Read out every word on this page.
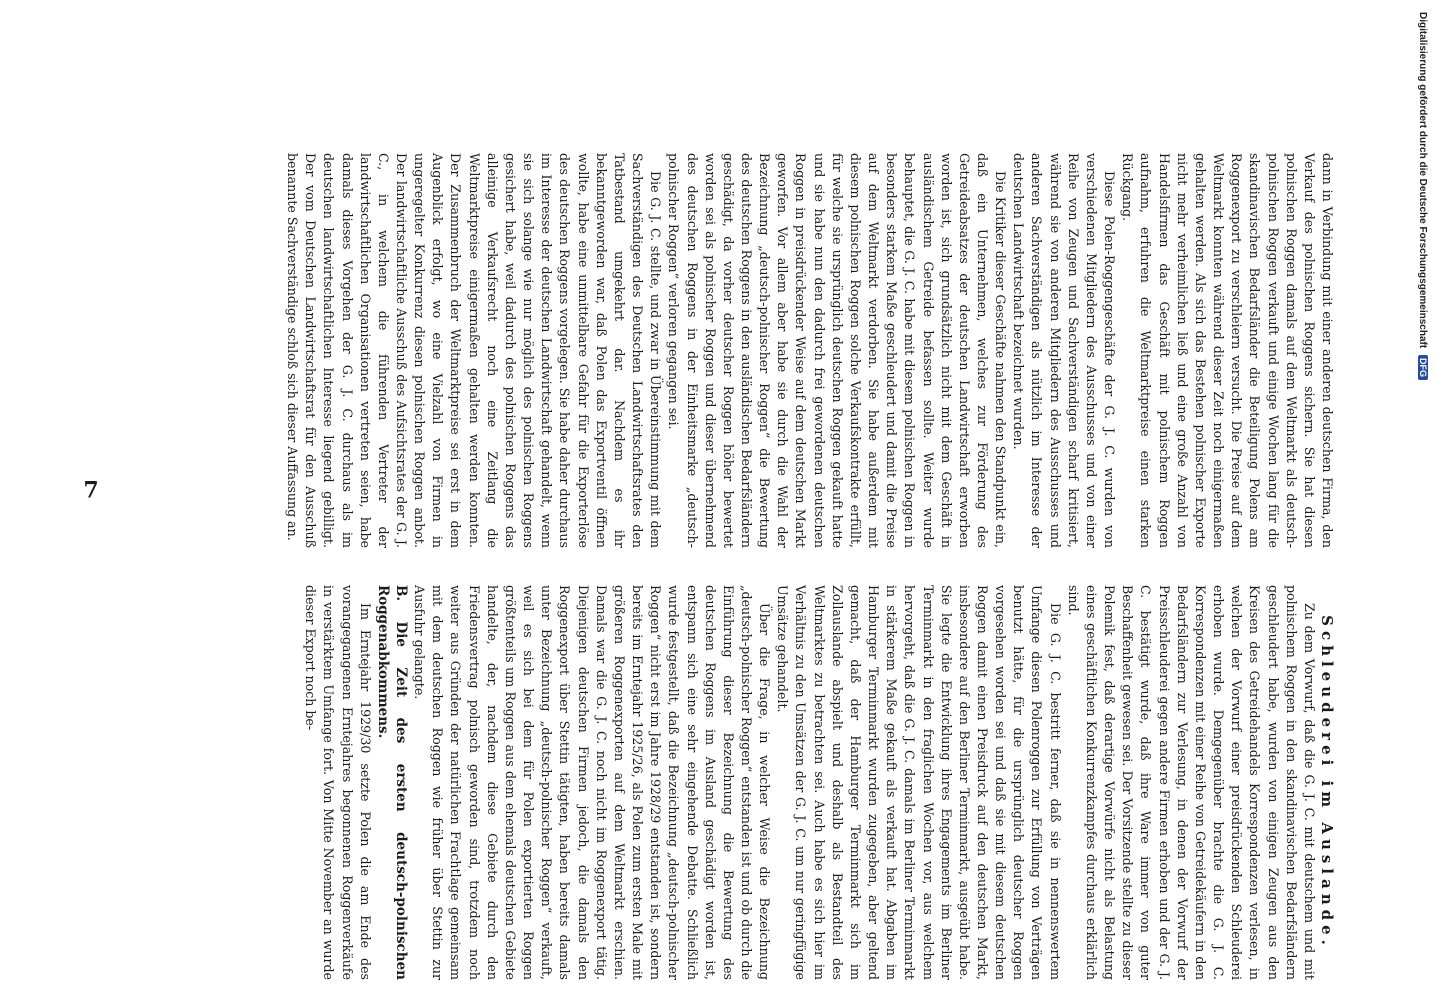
7	dann in Verbindung mit einer anderen deutschen Firma, den Verkauf des polnischen Roggens sichern. Sie hat diesen polnischen Roggen damals auf dem Weltmarkt als deutsch-polnischen Roggen verkauft und einige Wochen lang für die skandinavischen Bedarfsländer die Beteiligung Polens am Roggenexport zu verschleiern versucht. Die Preise auf dem Weltmarkt konnten während dieser Zeit noch einigermaßen gehalten werden. Als sich das Bestehen polnischer Exporte nicht mehr verheimlichen ließ und eine große Anzahl von Handelsfirmen das Geschäft mit polnischem Roggen aufnahm, erfuhren die Weltmarktpreise einen starken Rückgang.

Diese Polen-Roggengeschäfte der G. J. C. wurden von verschiedenen Mitgliedern des Ausschusses und von einer Reihe von Zeugen und Sachverständigen scharf kritisiert, während sie von anderen Mitgliedern des Ausschusses und anderen Sachverständigen als nützlich im Interesse der deutschen Landwirtschaft bezeichnet wurden.

Die Kritiker dieser Geschäfte nahmen den Standpunkt ein, daß ein Unternehmen, welches zur Förderung des Getreideabsatzes der deutschen Landwirtschaft erworben worden ist, sich grundsätzlich nicht mit dem Geschäft in ausländischem Getreide befassen sollte. Weiter wurde behauptet, die G. J. C. habe mit diesem polnischen Roggen in besonders starkem Maße geschleudert und damit die Preise auf dem Weltmarkt verdorben. Sie habe außerdem mit diesem polnischen Roggen solche Verkaufskontrakte erfüllt, für welche sie ursprünglich deutschen Roggen gekauft hatte und sie habe nun den dadurch frei gewordenen deutschen Roggen in preisdrückender Weise auf dem deutschen Markt geworfen. Vor allem aber habe sie durch die Wahl der Bezeichnung „deutsch-polnischer Roggen“ die Bewertung des deutschen Roggens in den ausländischen Bedarfsländern geschädigt, da vorher deutscher Roggen höher bewertet worden sei als polnischer Roggen und dieser übernehmend des deutschen Roggens in der Einheitsmarke „deutsch-polnischer Roggen“ verloren gegangen sei.

Die G. J. C. stellte, und zwar in Übereinstimmung mit dem Sachverständigen des Deutschen Landwirtschaftsrates den Tatbestand umgekehrt dar. Nachdem es ihr bekanntgeworden war, daß Polen das Exportventil öffnen wollte, habe eine unmittelbare Gefahr für die Exporterlöse des deutschen Roggens vorgelegen. Sie habe daher durchaus im Interesse der deutschen Landwirtschaft gehandelt, wenn sie sich solange wie nur möglich des polnischen Roggens gesichert habe, weil dadurch des polnischen Roggens das alleinige Verkaufsrecht noch eine Zeitlang die Weltmarktpreise einigermaßen gehalten werden konnten. Der Zusammenbruch der Weltmarktpreise sei erst in dem Augenblick erfolgt, wo eine Vielzahl von Firmen in ungeregelter Konkurrenz diesen polnischen Roggen anbot. Der landwirtschaftliche Ausschuß des Aufsichtsrates der G. J. C., in welchem die führenden Vertreter der landwirtschaftlichen Organisationen vertreten seien, habe damals dieses Vorgehen der G. J. C. durchaus als im deutschen landwirtschaftlichen Interesse liegend gebilligt. Der vom Deutschen Landwirtschaftsrat für den Ausschuß benannte Sachverständige schloß sich dieser Auffassung an.

Schleuderei im Auslande.

Zu dem Vorwurf, daß die G. J. C. mit deutschem und mit polnischem Roggen in den skandinavischen Bedarfsländern geschleudert habe, wurden von einigen Zeugen aus den Kreisen des Getreidehandels Korrespondenzen verlesen, in welchen der Vorwurf einer preisdrückenden Schleuderei erhoben wurde. Demgegenüber brachte die G. J. C. Korrespondenzen mit einer Reihe von Getreidekäufern in den Bedarfsländern zur Verlesung, in denen der Vorwurf der Preisschleuderei gegen andere Firmen erhoben und der G. J. C. bestätigt wurde, daß ihre Ware immer von guter Beschaffenheit gewesen sei. Der Vorsitzende stellte zu dieser Polemik fest, daß derartige Vorwürfe nicht als Belastung eines geschäftlichen Konkurrenzkampfes durchaus erklärlich sind.

Die G. J. C. bestritt ferner, daß sie in nennenswertem Umfange diesen Polenroggen zur Erfüllung von Verträgen benutzt hätte, für die ursprünglich deutscher Roggen vorgesehen worden sei und daß sie mit diesem deutschen Roggen damit einen Preisdruck auf den deutschen Markt, insbesondere auf den Berliner Terminmarkt, ausgeübt habe. Sie legte die Entwicklung ihres Engagements im Berliner Terminmarkt in den fraglichen Wochen vor, aus welchem hervorgeht, daß die G. J. C. damals im Berliner Terminmarkt in stärkerem Maße gekauft als verkauft hat. Abgaben im Hamburger Terminmarkt wurden zugegeben, aber geltend gemacht, daß der Hamburger Terminmarkt sich im Zollauslande abspielt und deshalb als Bestandteil des Weltmarktes zu betrachten sei. Auch habe es sich hier im Verhältnis zu den Umsätzen der G. J. C. um nur geringfügige Umsätze gehandelt.

Über die Frage, in welcher Weise die Bezeichnung „deutsch-polnischer Roggen“ entstanden ist und ob durch die Einführung dieser Bezeichnung die Bewertung des deutschen Roggens im Ausland geschädigt worden ist, entspann sich eine sehr eingehende Debatte. Schließlich wurde festgestellt, daß die Bezeichnung „deutsch-polnischer Roggen“ nicht erst im Jahre 1928/29 entstanden ist, sondern bereits im Erntejahr 1925/26, als Polen zum ersten Male mit größeren Roggenexporten auf dem Weltmarkt erschien. Damals war die G. J. C. noch nicht im Roggenexport tätig. Diejenigen deutschen Firmen jedoch, die damals den Roggenexport über Stettin tätigten, haben bereits damals unter Bezeichnung „deutsch-polnischer Roggen“ verkauft, weil es sich bei dem für Polen exportierten Roggen größtenteils um Roggen aus dem ehemals deutschen Gebiete handelte, der, nachdem diese Gebiete durch den Friedensvertrag polnisch geworden sind, trotzdem noch weiter aus Gründen der natürlichen Frachtlage gemeinsam mit dem deutschen Roggen wie früher über Stettin zur Ausfuhr gelangte.

B. Die Zeit des ersten deutsch-polnischen Roggenabkommens.

Im Erntejahr 1929/30 setzte Polen die am Ende des vorangegangenen Erntejahres begonnenen Roggenverkäufe in verstärktem Umfange fort. Von Mitte November an wurde dieser Export noch be-

Digitalisierung gefördert durch die Deutsche Forschungsgemeinschaft DFG
